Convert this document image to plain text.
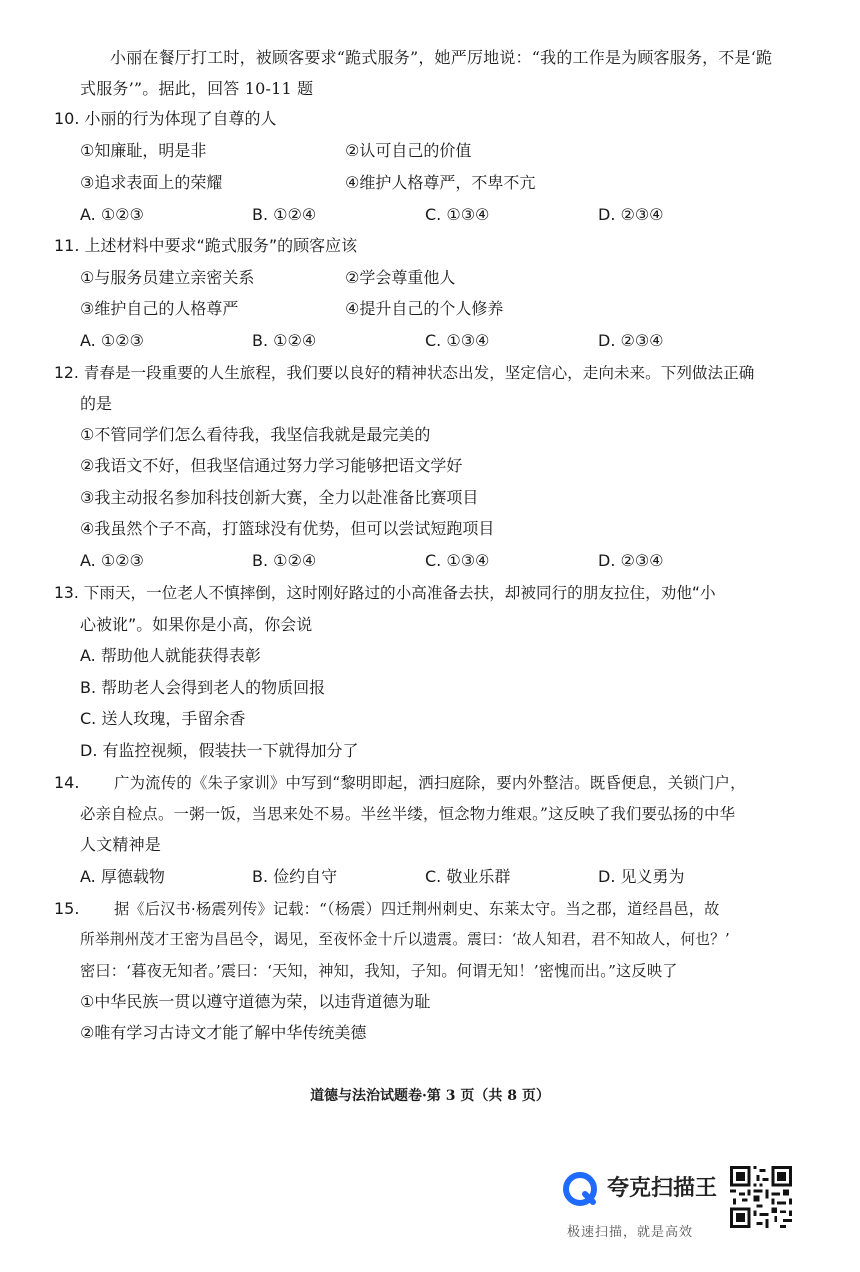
小丽在餐厅打工时，被顾客要求“跪式服务”，她严厉地说：“我的工作是为顾客服务，不是‘跪
式服务’”。据此，回答 10-11 题
10. 小丽的行为体现了自尊的人
①知廉耻，明是非	②认可自己的价值
③追求表面上的荣耀	④维护人格尊严，不卑不亢
A. ①②③	B. ①②④	C. ①③④	D. ②③④
11. 上述材料中要求“跪式服务”的顾客应该
①与服务员建立亲密关系	②学会尊重他人
③维护自己的人格尊严	④提升自己的个人修养
A. ①②③	B. ①②④	C. ①③④	D. ②③④
12. 青春是一段重要的人生旅程，我们要以良好的精神状态出发，坚定信心，走向未来。下列做法正确
的是
①不管同学们怎么看待我，我坚信我就是最完美的
②我语文不好，但我坚信通过努力学习能够把语文学好
③我主动报名参加科技创新大赛，全力以赴准备比赛项目
④我虽然个子不高，打篮球没有优势，但可以尝试短跑项目
A. ①②③	B. ①②④	C. ①③④	D. ②③④
13. 下雨天，一位老人不慎摔倒，这时刚好路过的小高准备去扶，却被同行的朋友拉住，劝他“小
心被讹”。如果你是小高，你会说
A. 帮助他人就能获得表彰
B. 帮助老人会得到老人的物质回报
C. 送人玫瑰，手留余香
D. 有监控视频，假装扶一下就得加分了
14. 广为流传的《朱子家训》中写到“黎明即起，洒扫庭除，要内外整洁。既昏便息，关锁门户，
必亲自检点。一粥一饭，当思来处不易。半丝半缕，恒念物力维艰。”这反映了我们要弘扬的中华
人文精神是
A. 厚德载物	B. 俭约自守	C. 敬业乐群	D. 见义勇为
15. 据《后汉书·杨震列传》记载：“（杨震）四迁荆州刺史、东莱太守。当之郡，道经昌邑，故
所举荆州茂才王密为昌邑令，谒见，至夜怀金十斤以遗震。震曰：‘故人知君，君不知故人，何也？’
密曰：‘暮夜无知者。’震曰：‘天知，神知，我知，子知。何谓无知！’密愧而出。”这反映了
①中华民族一贯以遵守道德为荣，以违背道德为耻
②唯有学习古诗文才能了解中华传统美德
道德与法治试题卷·第 3 页（共 8 页）
夸克扫描王
极速扫描，就是高效
